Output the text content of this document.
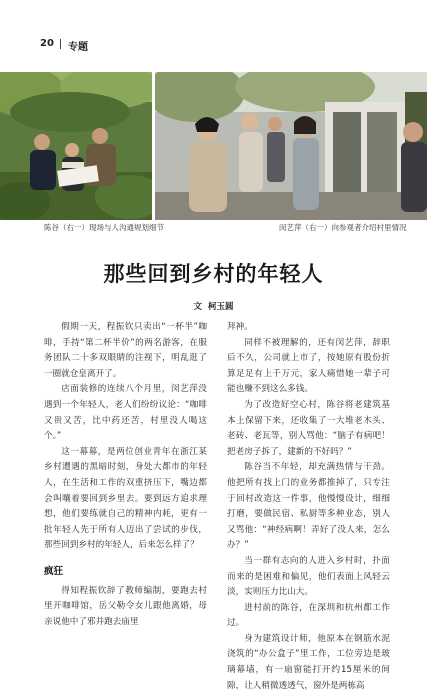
20 专题
陈谷（右一）现场与人沟通规划细节	闵艺萍（右一）向参观者介绍村里情况
那些回到乡村的年轻人
文 柯玉圆

假期一天，程振钦只卖出“一杯半”咖啡，手持“第二杯半价”的两名游客，在服务团队二十多双眼睛的注视下，明乱逛了一圈就仓皇离开了。

店面装修的连续八个月里，闵艺萍没遇到一个年轻人，老人们纷纷议论：“咖啡又贵又苦，比中药还苦，村里没人喝这个。”

这一幕幕，是两位创业青年在浙江某乡村遭遇的黑暗时刻，身处大都市的年轻人，在生活和工作的双重挤压下，嘴边都会叫嚷着要回到乡里去。要到远方追求理想，他们要练就自己的精神内耗，更有一批年轻人先于所有人迈出了尝试的步伐，那些回到乡村的年轻人，后来怎么样了？

疯狂

得知程振钦辞了教师编制，要跑去村里开咖啡馆，岳父勒令女儿跟他离婚，母亲说他中了邪并跑去庙里

拜神。

同样不被理解的，还有闵艺萍，辞职后不久，公司就上市了，按她原有股份折算足足有上千万元，家人痛惜她一辈子可能也赚不到这么多钱。

为了改造好空心村，陈谷将老建筑基本上保留下来，还收集了一大堆老木头、老砖、老瓦等，别人骂他：“脑子有病吧！把老房子拆了，建新的不好吗？”

陈谷当不年轻，却充满热情与干劲。他把所有找上门的业务都推掉了，只专注于回村改造这一件事，他慢慢设计，细细打磨，要做民宿、私厨等多种业态，别人又骂他：“神经病啊！弄好了没人来，怎么办？”

当一群有志向的人进入乡村时，扑面而来的是困难和偏见，他们表面上风轻云淡，实则压力比山大。

进村前的陈谷，在深圳和杭州都工作过。

身为建筑设计师，他原本在钢筋水泥浇筑的“办公盒子”里工作，工位旁边是玻璃幕墙，有一扇窗能打开约15厘米的间隙，让人稍微透透气，窗外是两栋高
